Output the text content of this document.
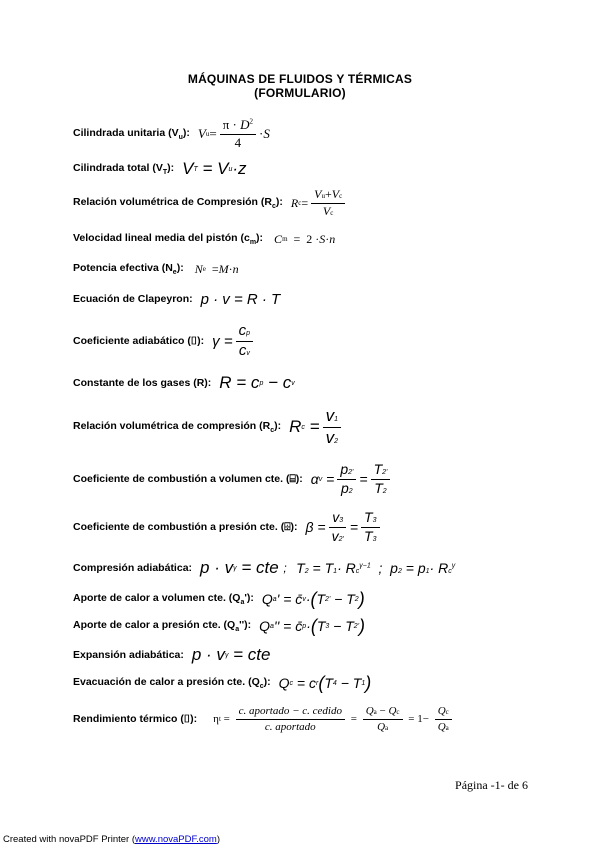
MÁQUINAS DE FLUIDOS Y TÉRMICAS
(FORMULARIO)
Cilindrada unitaria $(V_u)$: V $u = \frac{\pi \cdot D^2}{4} \cdot S$
Cilindrada total $(V_T)$: V T = V u ·z
Relación volumétrica de Compresión $(R_c)$: R $c = \frac{Vu+Vc}{Vc}$
Velocidad lineal media del pistón $(c_m)$:
C m =  2 · S · n
Potencia efectiva $(N_e)$:
N e = M · n
Ecuación de Clapeyron: p · v = R · T
Coeficiente adiabático (⌷): $\gamma = \frac{cp}{cv}$
Constante de los gases (R): R = c p − c v
Relación volumétrica de compresión $(R_c)$: R $c = \frac{v1}{v2}$
Coeficiente de combustión a volumen cte. (⌸): α $v = \frac{p2'}{p2} = \frac{T2'}{T2}$
Coeficiente de combustión a presión cte. (⌹): $\beta = \frac{v3}{v2'} = \frac{T3}{T3}$
Compresión adiabática: p · v γ = cte ;
$T2 = T1\cdot Rc^{\gamma-1}$  ;  $p2 = p1\cdot Rc^\gamma$
Aporte de calor a volumen cte. $(Q_a')$: Q a ' = c̄ v · ( T 2' − T 2 )
Aporte de calor a presión cte. $(Q_a'')$: Q a '' = c̄ p · ( T 3 − T 2' )
Expansión adiabática: p · v γ = cte
Evacuación de calor a presión cte. $(Q_c)$: Q c = c r ( T 4 − T 1 )
Rendimiento térmico (⌷): η $t = \frac{\text{c. aportado − c. cedido}}{\text{c. aportado}} = \frac{Qa - Qc}{Qa} = 1- \frac{Qc}{Qa}$
Página -1- de 6
Created with novaPDF Printer (www.novaPDF.com)
